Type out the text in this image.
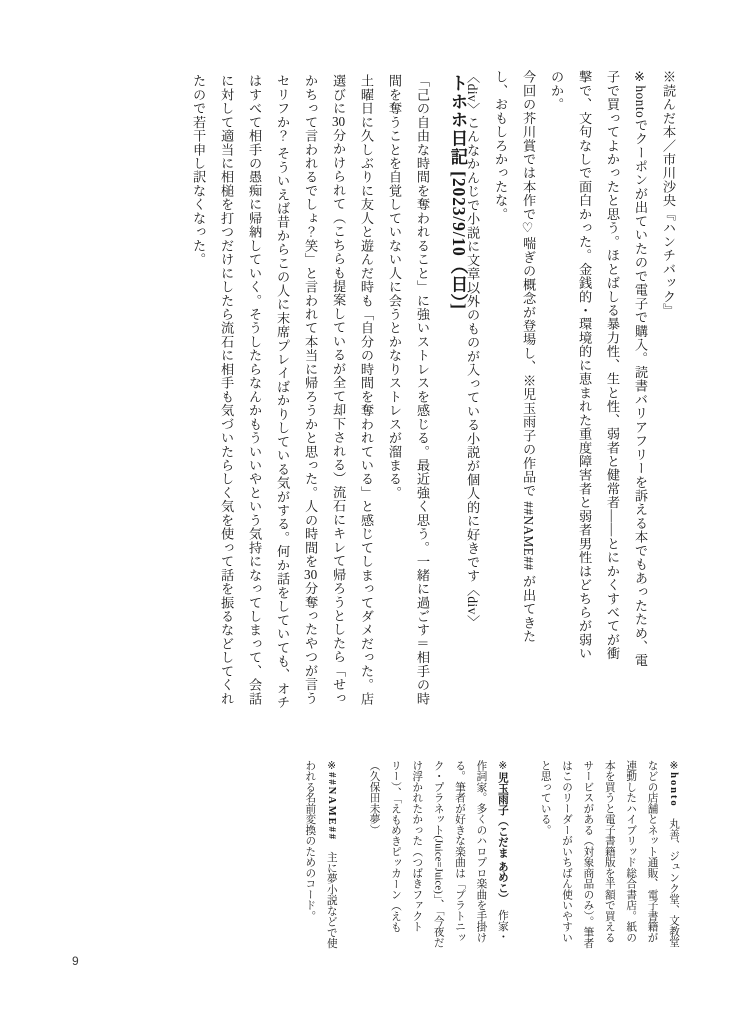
※読んだ本／市川沙央『ハンチバック』
※hontoでクーポンが出ていたので電子で購入。読書バリアフリーを訴える本でもあったため、電子で買ってよかったと思う。ほとばしる暴力性、生と性、弱者と健常者――とにかくすべてが衝撃で、文句なしで面白かった。金銭的・環境的に恵まれた重度障害者と弱者男性はどちらが弱いのか。
今回の芥川賞では本作で♡喘ぎの概念が登場し、※児玉雨子の作品で ##NAME## が出てきたし、おもしろかったな。
〈div〉こんなかんじで小説に文章以外のものが入っている小説が個人的に好きです〈div〉
トホホ日記 [2023/9/10（日）]
「己の自由な時間を奪われること」に強いストレスを感じる。最近強く思う。一緒に過ごす＝相手の時間を奪うことを自覚していない人に会うとかなりストレスが溜まる。
土曜日に久しぶりに友人と遊んだ時も「自分の時間を奪われている」と感じてしまってダメだった。店選びに30分かけられて（こちらも提案しているが全て却下される）流石にキレて帰ろうとしたら「せっかちって言われるでしょ？笑」と言われて本当に帰ろうかと思った。人の時間を30分奪ったやつが言うセリフか？ そういえば昔からこの人に末席プレイばかりしている気がする。何か話をしていても、オチはすべて相手の愚痴に帰納していく。そうしたらなんかもういいやという気持になってしまって、会話に対して適当に相槌を打つだけにしたら流石に相手も気づいたらしく気を使って話を振るなどしてくれたので若干申し訳なくなった。
※honto　丸善、ジュンク堂、文教堂などの店舗とネット通販、電子書籍が連動したハイブリッド総合書店。紙の本を買うと電子書籍版を半額で買えるサービスがある（対象商品のみ）。筆者はこのリーダーがいちばん使いやすいと思っている。

※児玉雨子（こだま あめこ）　作家・作詞家。多くのハロプロ楽曲を手掛ける。筆者が好きな楽曲は「プラトニック・プラネット(Juice=Juice)」、「今夜だけ浮かれたかった（つばきファクトリー）、「えもめきピッカーン（えも（久保田未夢）

※##NAME##　主に夢小説などで使われる名前変換のためのコード。
9
